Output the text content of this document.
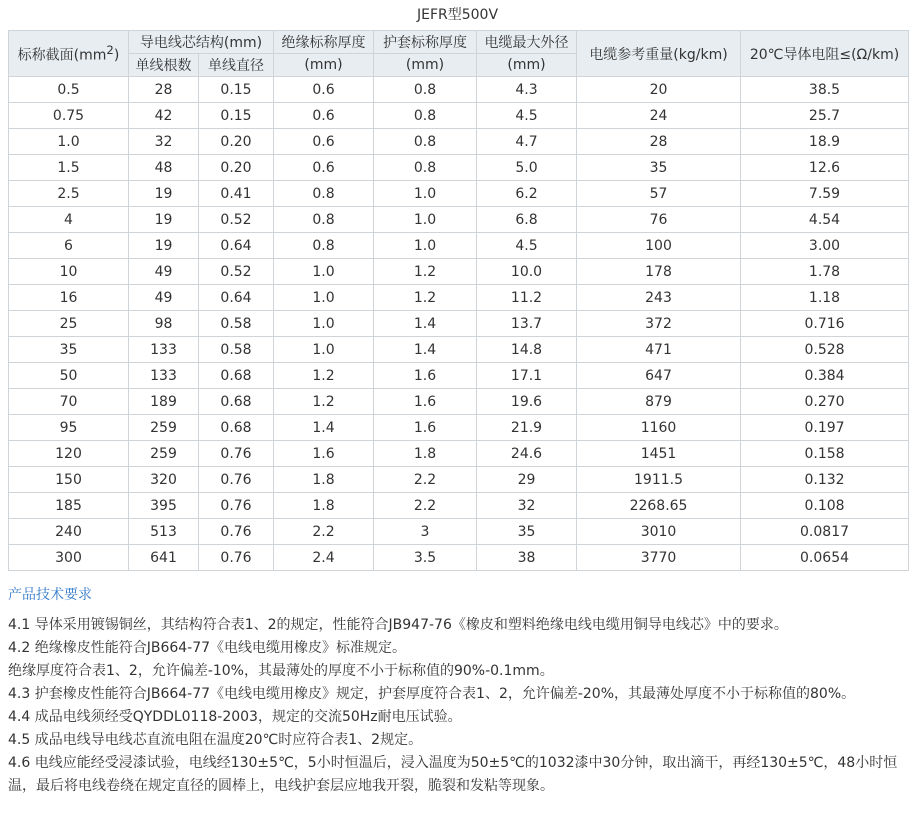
JEFR型500V
标称截面$(mm^2)$	导电线芯结构(mm)		绝缘标称厚度	护套标称厚度	电缆最大外径	电缆参考重量(kg/km)	20℃导体电阻≤(Ω/km)
	单线根数	单线直径	(mm)	(mm)	(mm)		
0.5	28	0.15	0.6	0.8	4.3	20	38.5
0.75	42	0.15	0.6	0.8	4.5	24	25.7
1.0	32	0.20	0.6	0.8	4.7	28	18.9
1.5	48	0.20	0.6	0.8	5.0	35	12.6
2.5	19	0.41	0.8	1.0	6.2	57	7.59
4	19	0.52	0.8	1.0	6.8	76	4.54
6	19	0.64	0.8	1.0	4.5	100	3.00
10	49	0.52	1.0	1.2	10.0	178	1.78
16	49	0.64	1.0	1.2	11.2	243	1.18
25	98	0.58	1.0	1.4	13.7	372	0.716
35	133	0.58	1.0	1.4	14.8	471	0.528
50	133	0.68	1.2	1.6	17.1	647	0.384
70	189	0.68	1.2	1.6	19.6	879	0.270
95	259	0.68	1.4	1.6	21.9	1160	0.197
120	259	0.76	1.6	1.8	24.6	1451	0.158
150	320	0.76	1.8	2.2	29	1911.5	0.132
185	395	0.76	1.8	2.2	32	2268.65	0.108
240	513	0.76	2.2	3	35	3010	0.0817
300	641	0.76	2.4	3.5	38	3770	0.0654
产品技术要求

4.1 导体采用镀锡铜丝，其结构符合表1、2的规定，性能符合JB947-76《橡皮和塑料绝缘电线电缆用铜导电线芯》中的要求。

4.2 绝缘橡皮性能符合JB664-77《电线电缆用橡皮》标准规定。

绝缘厚度符合表1、2，允许偏差-10%，其最薄处的厚度不小于标称值的90%-0.1mm。

4.3 护套橡皮性能符合JB664-77《电线电缆用橡皮》规定，护套厚度符合表1、2，允许偏差-20%，其最薄处厚度不小于标称值的80%。

4.4 成品电线须经受QYDDL0118-2003，规定的交流50Hz耐电压试验。

4.5 成品电线导电线芯直流电阻在温度20℃时应符合表1、2规定。

4.6 电线应能经受浸漆试验，电线经130±5℃，5小时恒温后，浸入温度为50±5℃的1032漆中30分钟，取出滴干，再经130±5℃，48小时恒温，最后将电线卷绕在规定直径的圆棒上，电线护套层应地我开裂，脆裂和发粘等现象。
